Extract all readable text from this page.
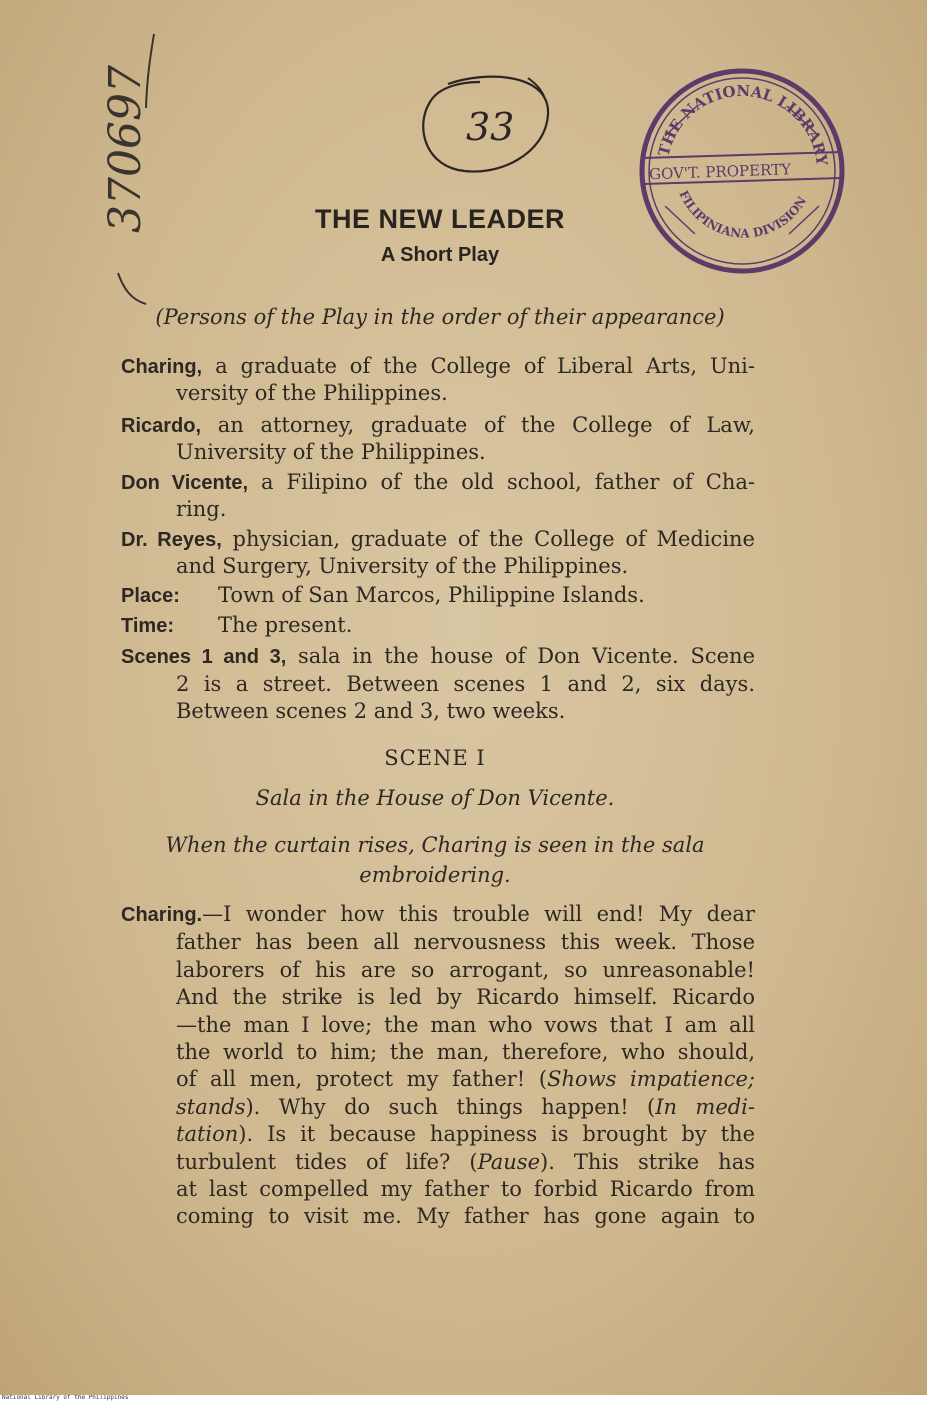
370697	33
THE NATIONAL LIBRARY
GOV'T. PROPERTY
FILIPINIANA DIVISION
THE NEW LEADER
A Short Play
(Persons of the Play in the order of their appearance)
Charing, a graduate of the College of Liberal Arts, Uni-
versity of the Philippines.
Ricardo, an attorney, graduate of the College of Law,
University of the Philippines.
Don Vicente, a Filipino of the old school, father of Cha-
ring.
Dr. Reyes, physician, graduate of the College of Medicine
and Surgery, University of the Philippines.
Place: Town of San Marcos, Philippine Islands.
Time: The present.
Scenes 1 and 3, sala in the house of Don Vicente. Scene
2 is a street. Between scenes 1 and 2, six days.
Between scenes 2 and 3, two weeks.
SCENE I
Sala in the House of Don Vicente.
When the curtain rises, Charing is seen in the sala
embroidering.
Charing.—I wonder how this trouble will end! My dear
father has been all nervousness this week. Those
laborers of his are so arrogant, so unreasonable!
And the strike is led by Ricardo himself. Ricardo
—the man I love; the man who vows that I am all
the world to him; the man, therefore, who should,
of all men, protect my father! (Shows impatience;
stands). Why do such things happen! (In medi-
tation). Is it because happiness is brought by the
turbulent tides of life? (Pause). This strike has
at last compelled my father to forbid Ricardo from
coming to visit me. My father has gone again to
National Library of the Philippines
